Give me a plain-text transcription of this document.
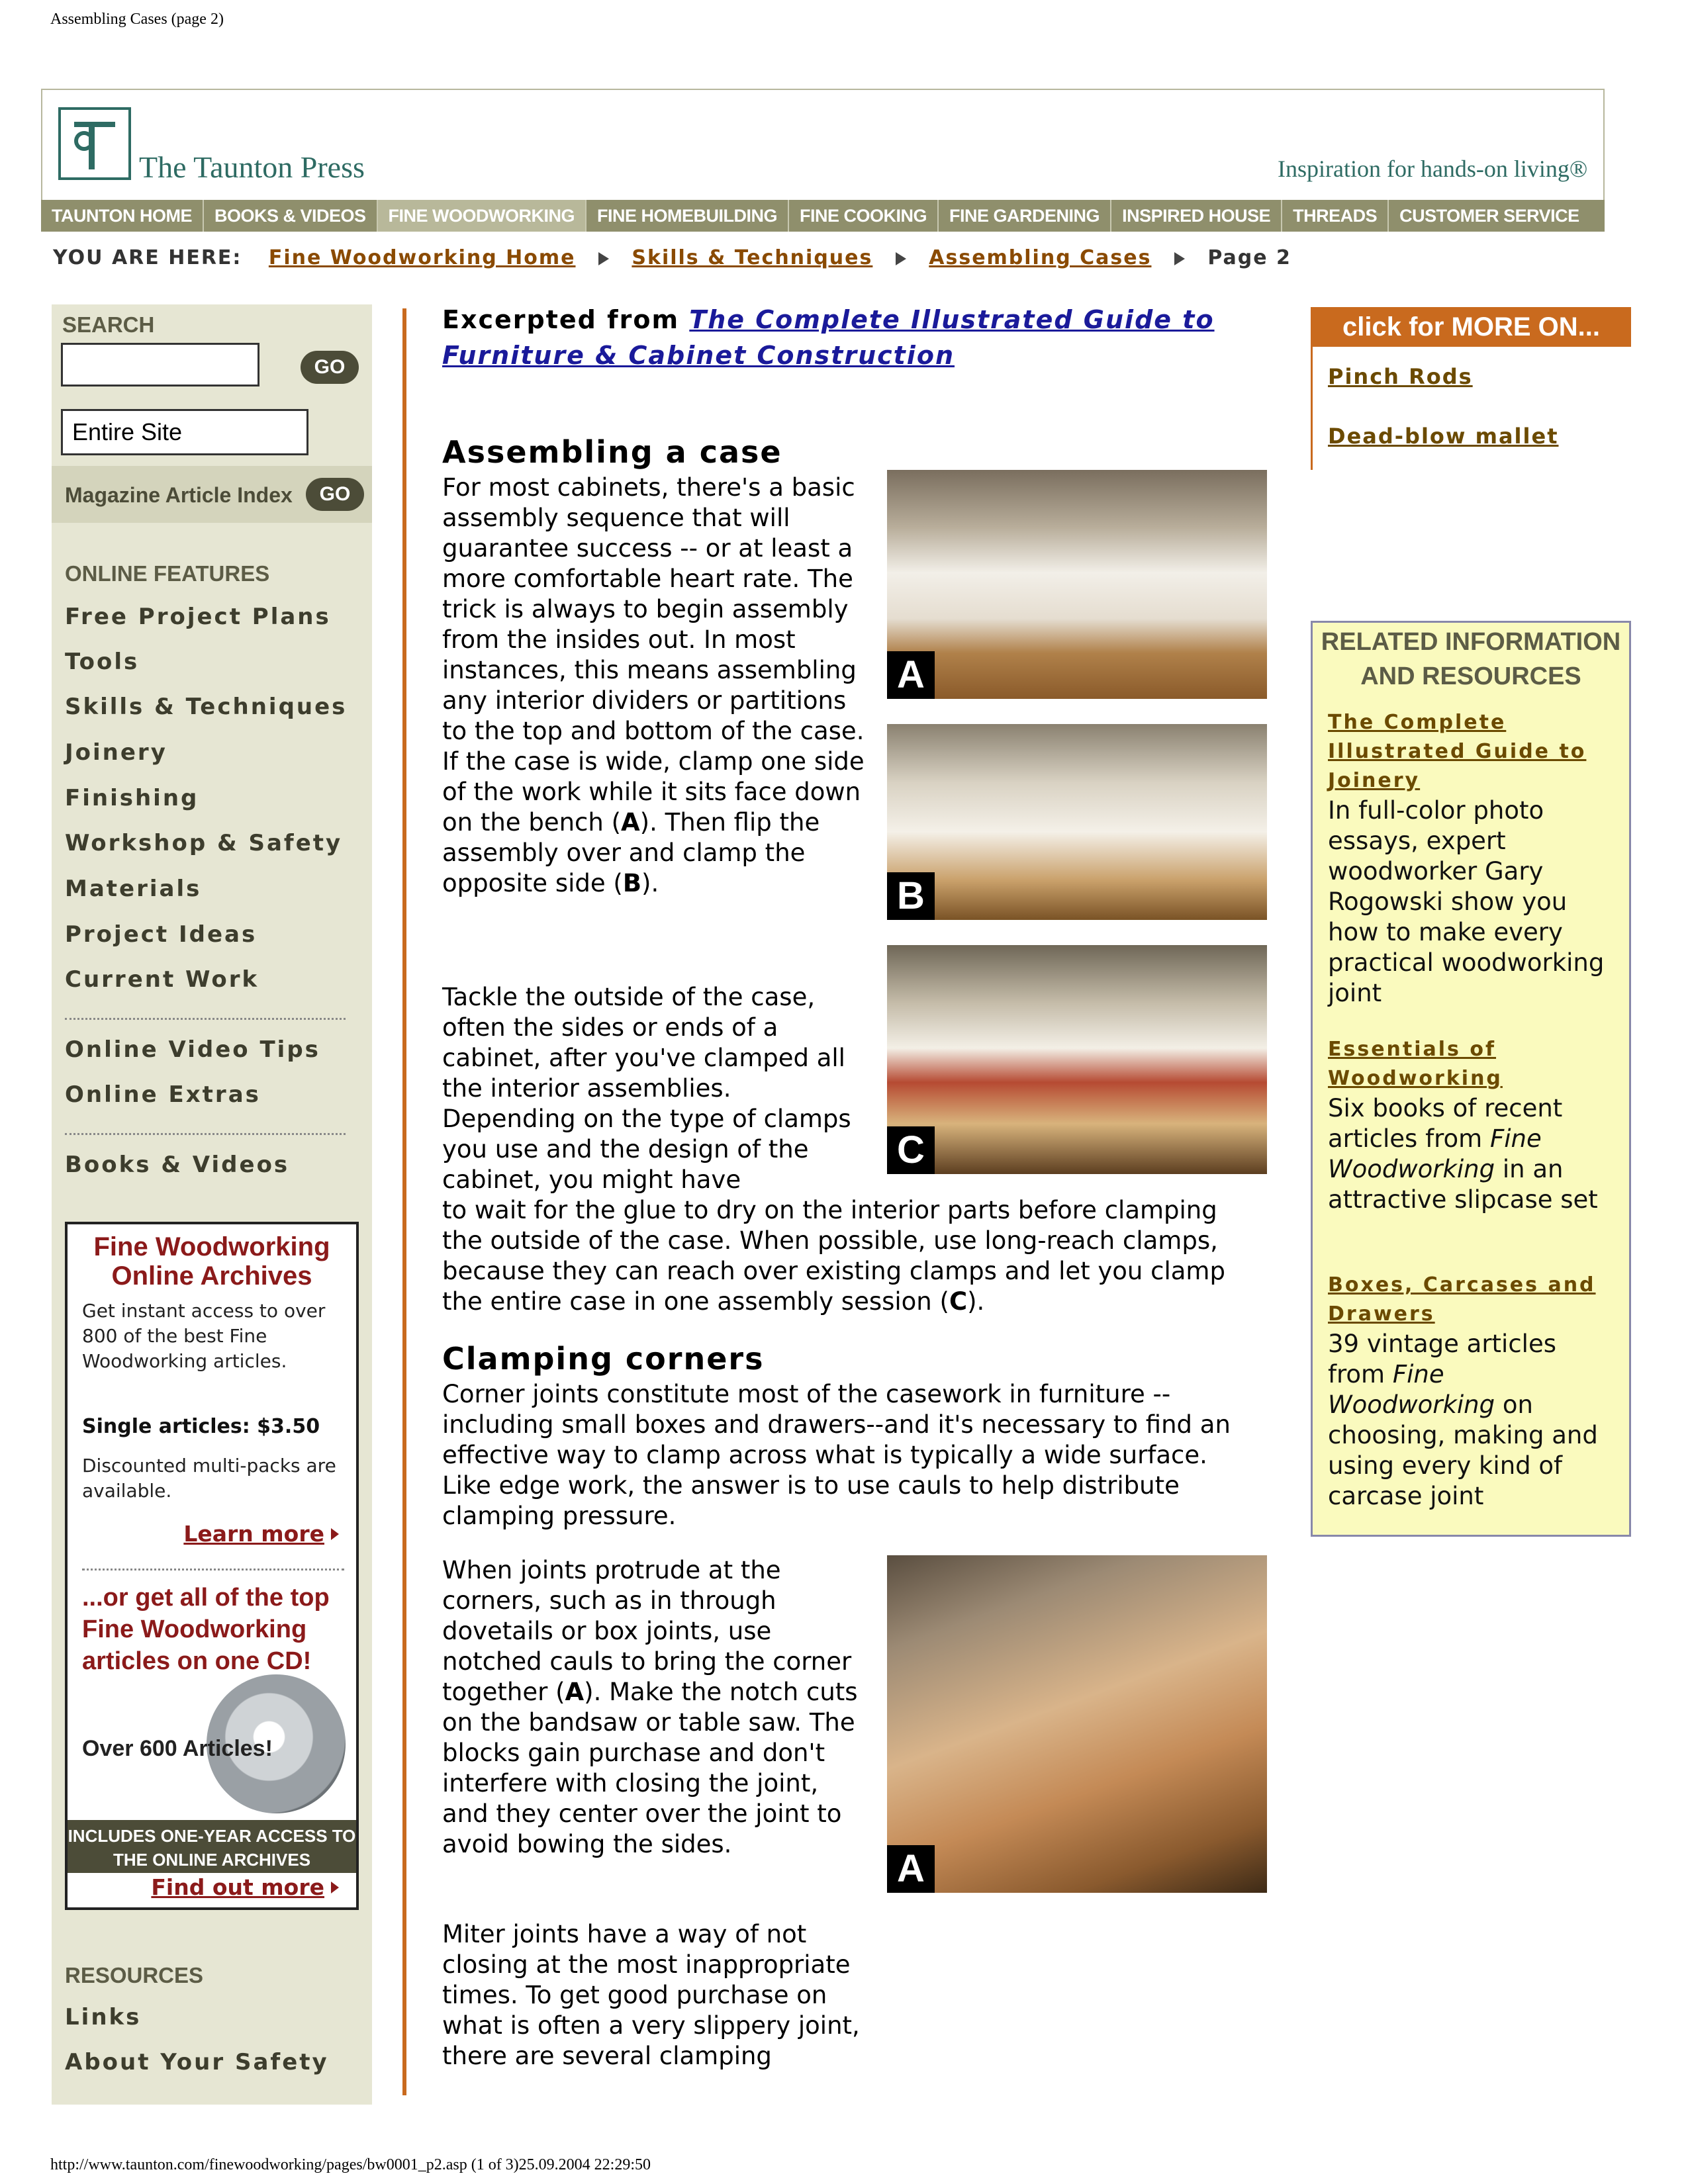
Assembling Cases (page 2)
The Taunton Press	Inspiration for hands-on living®
TAUNTON HOME	BOOKS & VIDEOS	FINE WOODWORKING	FINE HOMEBUILDING	FINE COOKING	FINE GARDENING	INSPIRED HOUSE	THREADS	CUSTOMER SERVICE
YOU ARE HERE: Fine Woodworking Home	Skills & Techniques	Assembling Cases	Page 2
SEARCH
GO
Entire Site
Magazine Article Index	GO
ONLINE FEATURES
Free Project Plans
Tools
Skills & Techniques
Joinery
Finishing
Workshop & Safety
Materials
Project Ideas
Current Work
Online Video Tips
Online Extras
Books & Videos
Fine Woodworking Online Archives
Get instant access to over 800 of the best Fine Woodworking articles.
Single articles: $3.50
Discounted multi-packs are available.
Learn more
...or get all of the top Fine Woodworking articles on one CD!
Over 600 Articles!
INCLUDES ONE-YEAR ACCESS TO THE ONLINE ARCHIVES
Find out more
RESOURCES
Links
About Your Safety
Excerpted from The Complete Illustrated Guide to Furniture & Cabinet Construction
Assembling a case
A
B
C
A

For most cabinets, there's a basic assembly sequence that will guarantee success -- or at least a more comfortable heart rate. The trick is always to begin assembly from the insides out. In most instances, this means assembling any interior dividers or partitions to the top and bottom of the case. If the case is wide, clamp one side of the work while it sits face down on the bench (A). Then flip the assembly over and clamp the opposite side (B).

Tackle the outside of the case, often the sides or ends of a cabinet, after you've clamped all the interior assemblies. Depending on the type of clamps you use and the design of the cabinet, you might have
to wait for the glue to dry on the interior parts before clamping the outside of the case. When possible, use long-reach clamps, because they can reach over existing clamps and let you clamp the entire case in one assembly session (C).
Clamping corners
Corner joints constitute most of the casework in furniture -- including small boxes and drawers--and it's necessary to find an effective way to clamp across what is typically a wide surface. Like edge work, the answer is to use cauls to help distribute clamping pressure.
When joints protrude at the corners, such as in through dovetails or box joints, use notched cauls to bring the corner together (A). Make the notch cuts on the bandsaw or table saw. The blocks gain purchase and don't interfere with closing the joint, and they center over the joint to avoid bowing the sides.
Miter joints have a way of not closing at the most inappropriate times. To get good purchase on what is often a very slippery joint, there are several clamping
click for MORE ON...
Pinch Rods
Dead-blow mallet
RELATED INFORMATION
AND RESOURCES
The Complete Illustrated Guide to Joinery
In full-color photo essays, expert woodworker Gary Rogowski show you how to make every practical woodworking joint
Essentials of Woodworking
Six books of recent articles from Fine Woodworking in an attractive slipcase set
Boxes, Carcases and Drawers
39 vintage articles from Fine Woodworking on choosing, making and using every kind of carcase joint
http://www.taunton.com/finewoodworking/pages/bw0001_p2.asp (1 of 3)25.09.2004 22:29:50
